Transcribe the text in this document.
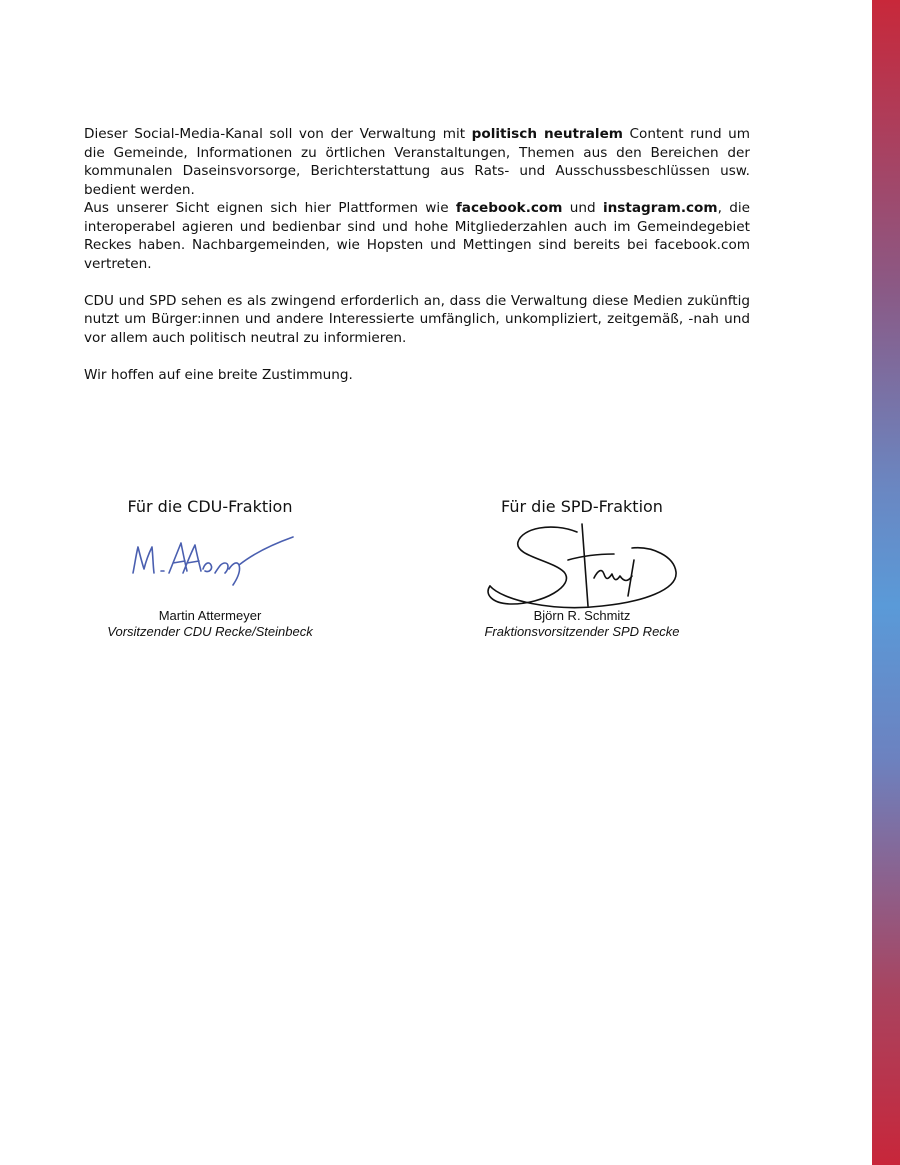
Dieser Social-Media-Kanal soll von der Verwaltung mit politisch neutralem Content rund um die Gemeinde, Informationen zu örtlichen Veranstaltungen, Themen aus den Bereichen der kommunalen Daseinsvorsorge, Berichterstattung aus Rats- und Ausschussbeschlüssen usw. bedient werden.

Aus unserer Sicht eignen sich hier Plattformen wie facebook.com und instagram.com, die interoperabel agieren und bedienbar sind und hohe Mitgliederzahlen auch im Gemeindegebiet Reckes haben. Nachbargemeinden, wie Hopsten und Mettingen sind bereits bei facebook.com vertreten.

CDU und SPD sehen es als zwingend erforderlich an, dass die Verwaltung diese Medien zukünftig nutzt um Bürger:innen und andere Interessierte umfänglich, unkompliziert, zeitgemäß, -nah und vor allem auch politisch neutral zu informieren.

Wir hoffen auf eine breite Zustimmung.

Für die CDU-Fraktion
Martin Attermeyer
Vorsitzender CDU Recke/Steinbeck
Für die SPD-Fraktion
Björn R. Schmitz
Fraktionsvorsitzender SPD Recke
